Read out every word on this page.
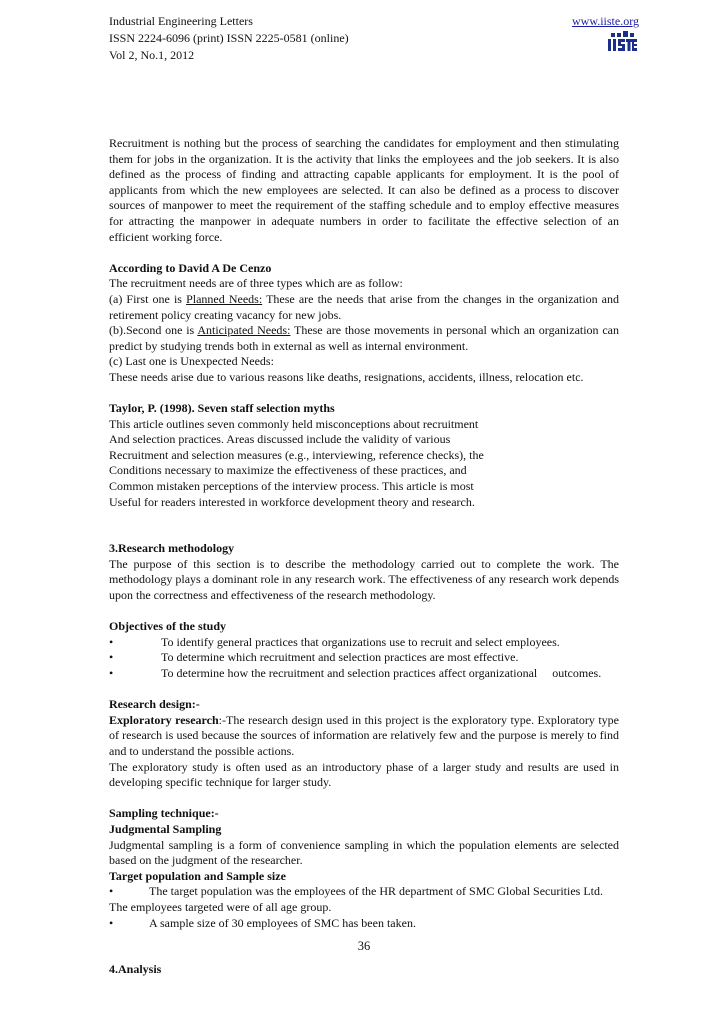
Industrial Engineering Letters
ISSN 2224-6096 (print) ISSN 2225-0581 (online)
Vol 2, No.1, 2012
www.iiste.org

Recruitment is nothing but the process of searching the candidates for employment and then stimulating them for jobs in the organization. It is the activity that links the employees and the job seekers. It is also defined as the process of finding and attracting capable applicants for employment. It is the pool of applicants from which the new employees are selected. It can also be defined as a process to discover sources of manpower to meet the requirement of the staffing schedule and to employ effective measures for attracting the manpower in adequate numbers in order to facilitate the effective selection of an efficient working force.

According to David A De Cenzo
The recruitment needs are of three types which are as follow:

(a) First one is Planned Needs: These are the needs that arise from the changes in the organization and retirement policy creating vacancy for new jobs.

(b).Second one is Anticipated Needs: These are those movements in personal which an organization can predict by studying trends both in external as well as internal environment.

(c) Last one is Unexpected Needs:
These needs arise due to various reasons like deaths, resignations, accidents, illness, relocation etc.
Taylor, P. (1998). Seven staff selection myths
This article outlines seven commonly held misconceptions about recruitment
And selection practices. Areas discussed include the validity of various
Recruitment and selection measures (e.g., interviewing, reference checks), the
Conditions necessary to maximize the effectiveness of these practices, and
Common mistaken perceptions of the interview process. This article is most
Useful for readers interested in workforce development theory and research.
3.Research methodology

The purpose of this section is to describe the methodology carried out to complete the work. The methodology plays a dominant role in any research work. The effectiveness of any research work depends upon the correctness and effectiveness of the research methodology.

Objectives of the study
•	To identify general practices that organizations use to recruit and select employees.
•	To determine which recruitment and selection practices are most effective.
•	To determine how the recruitment and selection practices affect organizational     outcomes.
Research design:-

Exploratory research:-The research design used in this project is the exploratory type. Exploratory type of research is used because the sources of information are relatively few and the purpose is merely to find and to understand the possible actions.

The exploratory study is often used as an introductory phase of a larger study and results are used in developing specific technique for larger study.

Sampling technique:-
Judgmental Sampling

Judgmental sampling is a form of convenience sampling in which the population elements are selected based on the judgment of the researcher.

Target population and Sample size
•	The target population was the employees of the HR department of SMC Global Securities Ltd.
The employees targeted were of all age group.
•	A sample size of 30 employees of SMC has been taken.
4.Analysis
36
